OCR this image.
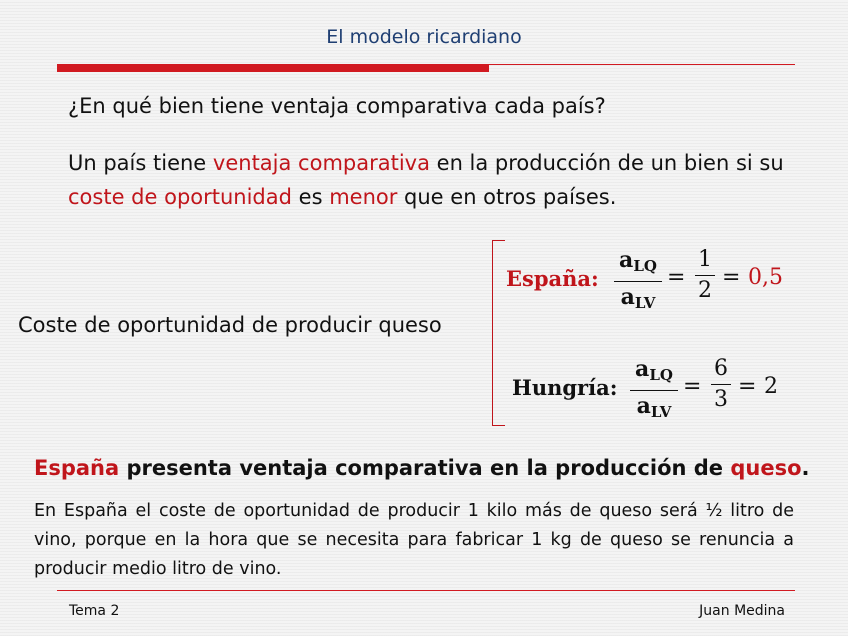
El modelo ricardiano
¿En qué bien tiene ventaja comparativa cada país?
Un país tiene ventaja comparativa en la producción de un bien si su coste de oportunidad es menor que en otros países.
Coste de oportunidad de producir queso
España:
$a_{LQ}$
$a_{LV}$
=
1
2
= 0,5
Hungría:
$a_{LQ}$
$a_{LV}$
=
6
3
= 2
España presenta ventaja comparativa en la producción de queso.
En España el coste de oportunidad de producir 1 kilo más de queso será ½ litro de vino, porque en la hora que se necesita para fabricar 1 kg de queso se renuncia a producir medio litro de vino.
Tema 2	Juan Medina
